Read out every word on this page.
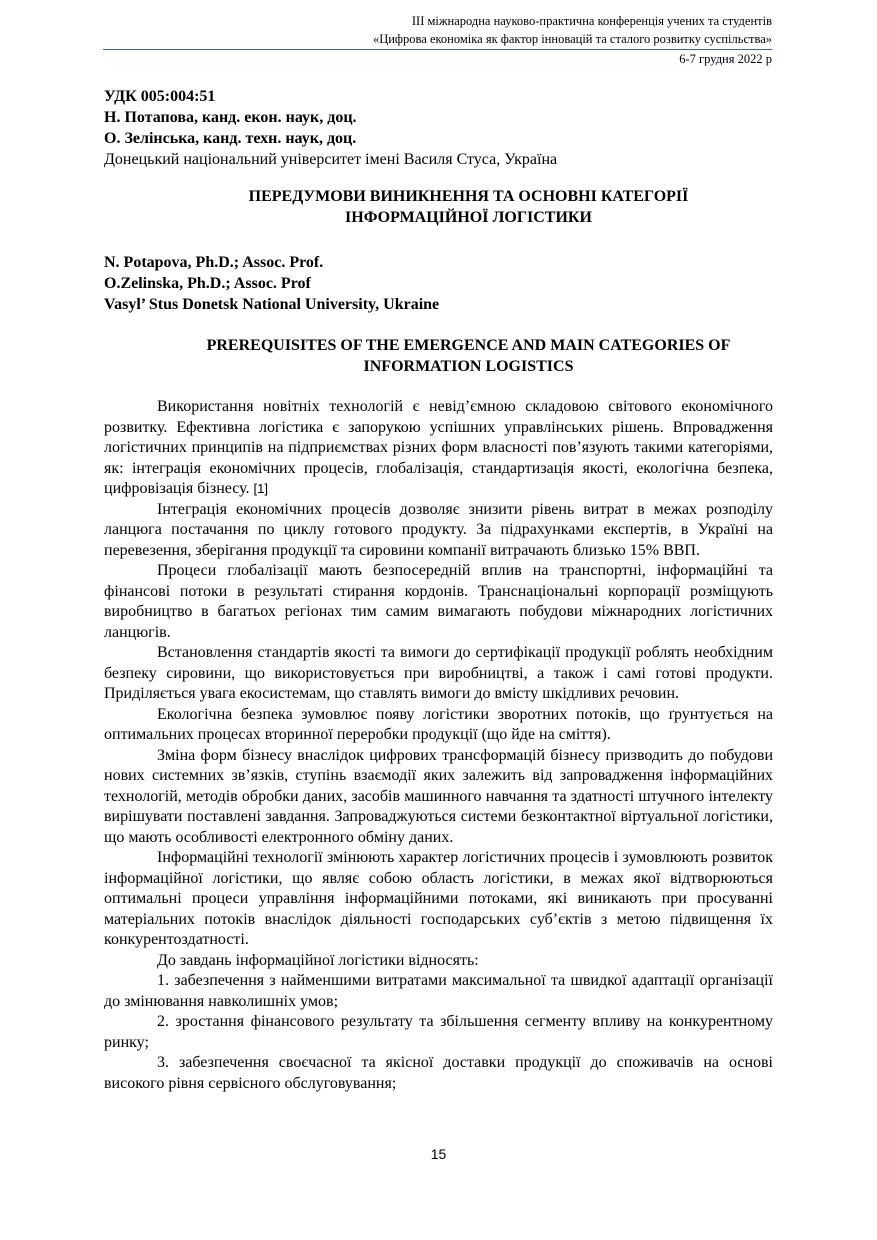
III міжнародна науково-практична конференція учених та студентів
«Цифрова економіка як фактор інновацій та сталого розвитку суспільства»
6-7 грудня 2022 р
УДК 005:004:51
Н. Потапова, канд. екон. наук, доц.
О. Зелінська, канд. техн. наук, доц.
Донецький національний університет імені Василя Стуса, Україна
ПЕРЕДУМОВИ ВИНИКНЕННЯ ТА ОСНОВНІ КАТЕГОРІЇ
ІНФОРМАЦІЙНОЇ ЛОГІСТИКИ
N. Potapova, Ph.D.; Assoc. Prof.
O.Zelinska, Ph.D.; Assoc. Prof
Vasyl’ Stus Donetsk National University, Ukraine
PREREQUISITES OF THE EMERGENCE AND MAIN CATEGORIES OF
INFORMATION LOGISTICS

Використання новітніх технологій є невід’ємною складовою світового економічного розвитку. Ефективна логістика є запорукою успішних управлінських рішень. Впровадження логістичних принципів на підприємствах різних форм власності пов’язують такими категоріями, як: інтеграція економічних процесів, глобалізація, стандартизація якості, екологічна безпека, цифровізація бізнесу. [1]

Інтеграція економічних процесів дозволяє знизити рівень витрат в межах розподілу ланцюга постачання по циклу готового продукту. За підрахунками експертів, в Україні на перевезення, зберігання продукції та сировини компанії витрачають близько 15% ВВП.

Процеси глобалізації мають безпосередній вплив на транспортні, інформаційні та фінансові потоки в результаті стирання кордонів. Транснаціональні корпорації розміщують виробництво в багатьох регіонах тим самим вимагають побудови міжнародних логістичних ланцюгів.

Встановлення стандартів якості та вимоги до сертифікації продукції роблять необхідним безпеку сировини, що використовується при виробництві, а також і самі готові продукти. Приділяється увага екосистемам, що ставлять вимоги до вмісту шкідливих речовин.

Екологічна безпека зумовлює появу логістики зворотних потоків, що ґрунтується на оптимальних процесах вторинної переробки продукції (що йде на сміття).

Зміна форм бізнесу внаслідок цифрових трансформацій бізнесу призводить до побудови нових системних зв’язків, ступінь взаємодії яких залежить від запровадження інформаційних технологій, методів обробки даних, засобів машинного навчання та здатності штучного інтелекту вирішувати поставлені завдання. Запроваджуються системи безконтактної віртуальної логістики, що мають особливості електронного обміну даних.

Інформаційні технології змінюють характер логістичних процесів і зумовлюють розвиток інформаційної логістики, що являє собою область логістики, в межах якої відтворюються оптимальні процеси управління інформаційними потоками, які виникають при просуванні матеріальних потоків внаслідок діяльності господарських суб’єктів з метою підвищення їх конкурентоздатності.

До завдань інформаційної логістики відносять:

1. забезпечення з найменшими витратами максимальної та швидкої адаптації організації до змінювання навколишніх умов;

2. зростання фінансового результату та збільшення сегменту впливу на конкурентному ринку;

3. забезпечення своєчасної та якісної доставки продукції до споживачів на основі високого рівня сервісного обслуговування;

15
